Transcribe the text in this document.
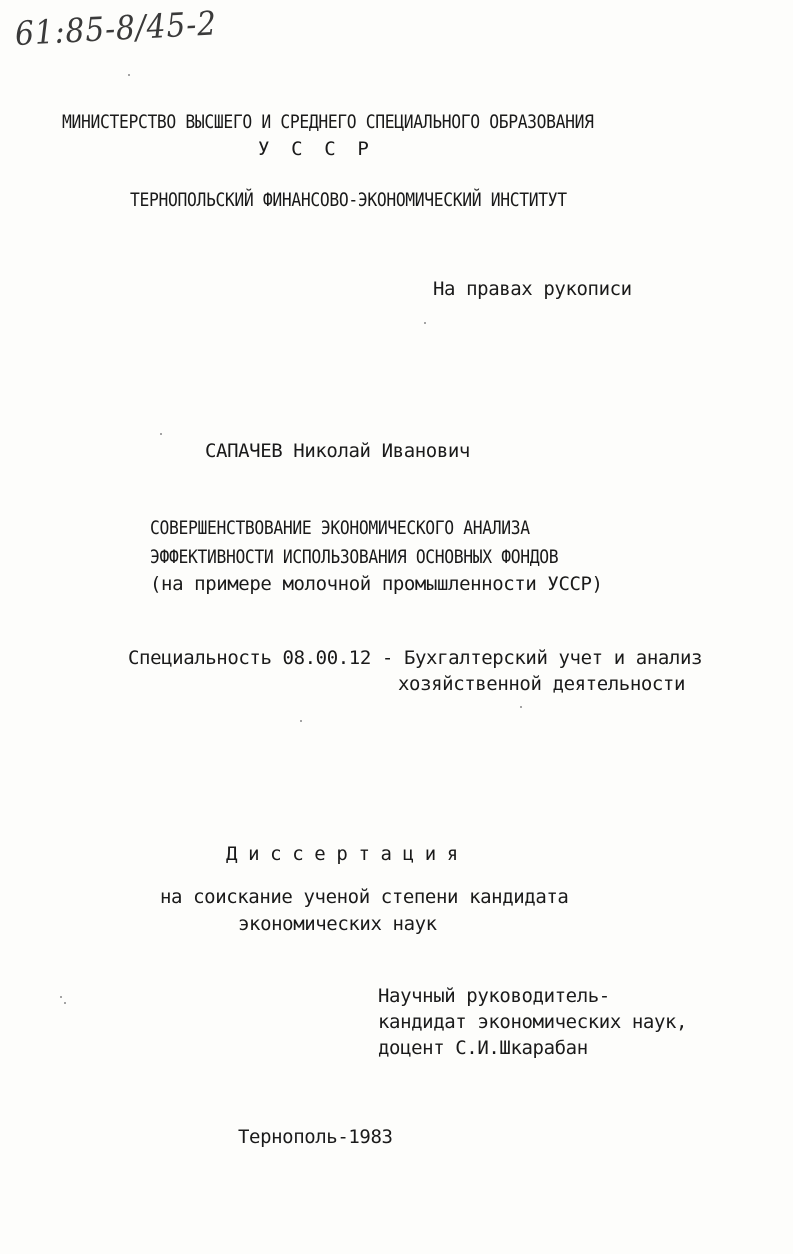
61:85-8/45-2
МИНИСТЕРСТВО ВЫСШЕГО И СРЕДНЕГО СПЕЦИАЛЬНОГО ОБРАЗОВАНИЯ
У  С  С  Р
ТЕРНОПОЛЬСКИЙ ФИНАНСОВО-ЭКОНОМИЧЕСКИЙ ИНСТИТУТ
На правах рукописи
САПАЧЕВ Николай Иванович
СОВЕРШЕНСТВОВАНИЕ ЭКОНОМИЧЕСКОГО АНАЛИЗА
ЭФФЕКТИВНОСТИ ИСПОЛЬЗОВАНИЯ ОСНОВНЫХ ФОНДОВ
(на примере молочной промышленности УССР)
Специальность 08.00.12 - Бухгалтерский учет и анализ
хозяйственной деятельности
Д и с с е р т а ц и я
на соискание ученой степени кандидата
экономических наук
Научный руководитель-
кандидат экономических наук,
доцент С.И.Шкарабан
Тернополь-1983
